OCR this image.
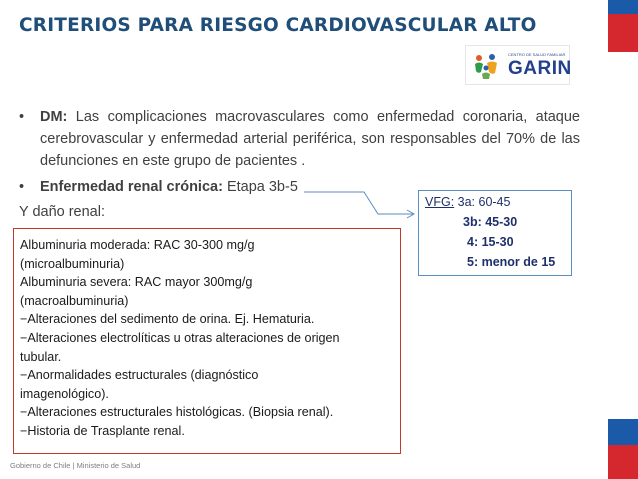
CRITERIOS PARA RIESGO CARDIOVASCULAR ALTO
CENTRO DE SALUD FAMILIAR
GARIN
• DM: Las complicaciones macrovasculares como enfermedad coronaria, ataque cerebrovascular y enfermedad arterial periférica, son responsables del 70% de las defunciones en este grupo de pacientes .
• Enfermedad renal crónica: Etapa 3b-5
Y daño renal:
VFG: 3a: 60-45
3b: 45-30
4: 15-30
5: menor de 15
Albuminuria moderada: RAC 30-300 mg/g
(microalbuminuria)
Albuminuria severa: RAC mayor 300mg/g
(macroalbuminuria)
−Alteraciones del sedimento de orina. Ej. Hematuria.
−Alteraciones electrolíticas u otras alteraciones de origen
tubular.
−Anormalidades estructurales (diagnóstico
imagenológico).
−Alteraciones estructurales histológicas. (Biopsia renal).
−Historia de Trasplante renal.
Gobierno de Chile | Ministerio de Salud
